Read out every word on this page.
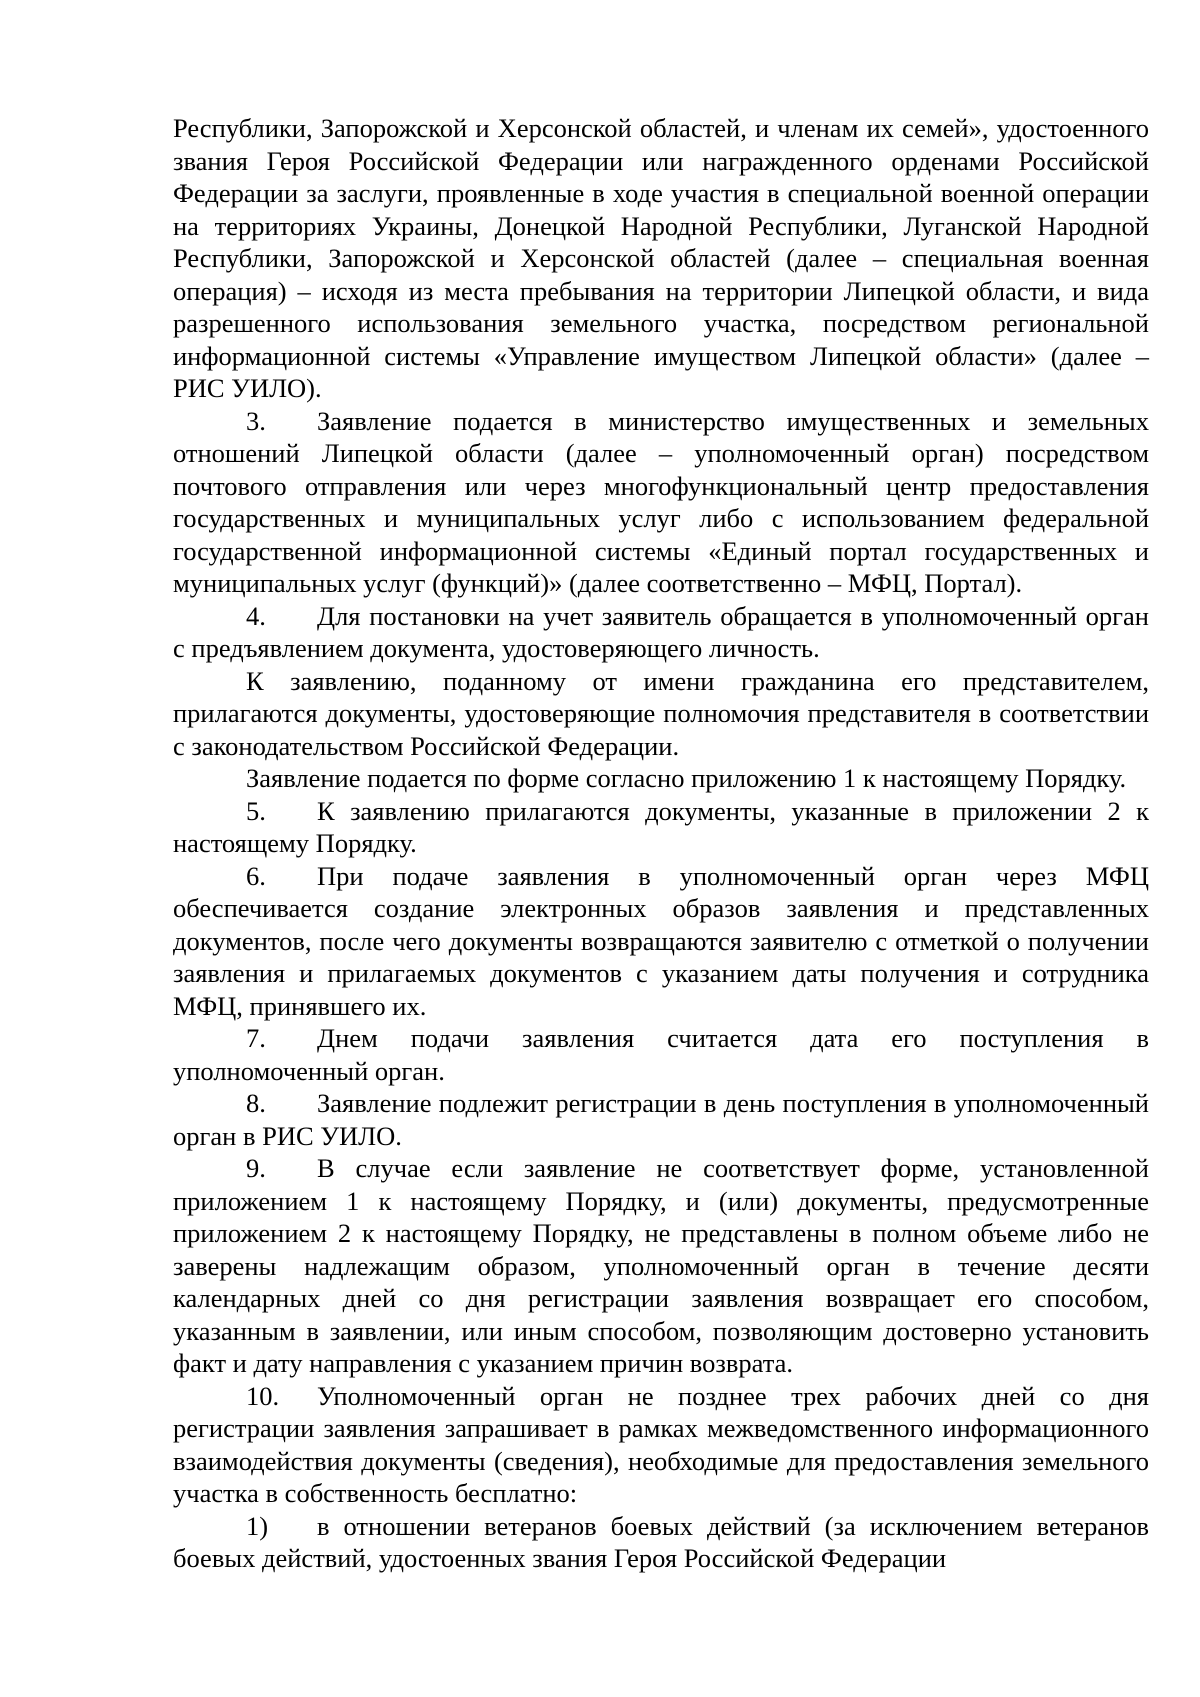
Республики, Запорожской и Херсонской областей, и членам их семей», удостоенного звания Героя Российской Федерации или награжденного орденами Российской Федерации за заслуги, проявленные в ходе участия в специальной военной операции на территориях Украины, Донецкой Народной Республики, Луганской Народной Республики, Запорожской и Херсонской областей (далее – специальная военная операция) – исходя из места пребывания на территории Липецкой области, и вида разрешенного использования земельного участка, посредством региональной информационной системы «Управление имуществом Липецкой области» (далее – РИС УИЛО).

3. Заявление подается в министерство имущественных и земельных отношений Липецкой области (далее – уполномоченный орган) посредством почтового отправления или через многофункциональный центр предоставления государственных и муниципальных услуг либо с использованием федеральной государственной информационной системы «Единый портал государственных и муниципальных услуг (функций)» (далее соответственно – МФЦ, Портал).

4. Для постановки на учет заявитель обращается в уполномоченный орган с предъявлением документа, удостоверяющего личность.

К заявлению, поданному от имени гражданина его представителем, прилагаются документы, удостоверяющие полномочия представителя в соответствии с законодательством Российской Федерации.

Заявление подается по форме согласно приложению 1 к настоящему Порядку.

5. К заявлению прилагаются документы, указанные в приложении 2 к настоящему Порядку.

6. При подаче заявления в уполномоченный орган через МФЦ обеспечивается создание электронных образов заявления и представленных документов, после чего документы возвращаются заявителю с отметкой о получении заявления и прилагаемых документов с указанием даты получения и сотрудника МФЦ, принявшего их.

7. Днем подачи заявления считается дата его поступления в уполномоченный орган.

8. Заявление подлежит регистрации в день поступления в уполномоченный орган в РИС УИЛО.

9. В случае если заявление не соответствует форме, установленной приложением 1 к настоящему Порядку, и (или) документы, предусмотренные приложением 2 к настоящему Порядку, не представлены в полном объеме либо не заверены надлежащим образом, уполномоченный орган в течение десяти календарных дней со дня регистрации заявления возвращает его способом, указанным в заявлении, или иным способом, позволяющим достоверно установить факт и дату направления с указанием причин возврата.

10. Уполномоченный орган не позднее трех рабочих дней со дня регистрации заявления запрашивает в рамках межведомственного информационного взаимодействия документы (сведения), необходимые для предоставления земельного участка в собственность бесплатно:

1) в отношении ветеранов боевых действий (за исключением ветеранов боевых действий, удостоенных звания Героя Российской Федерации
